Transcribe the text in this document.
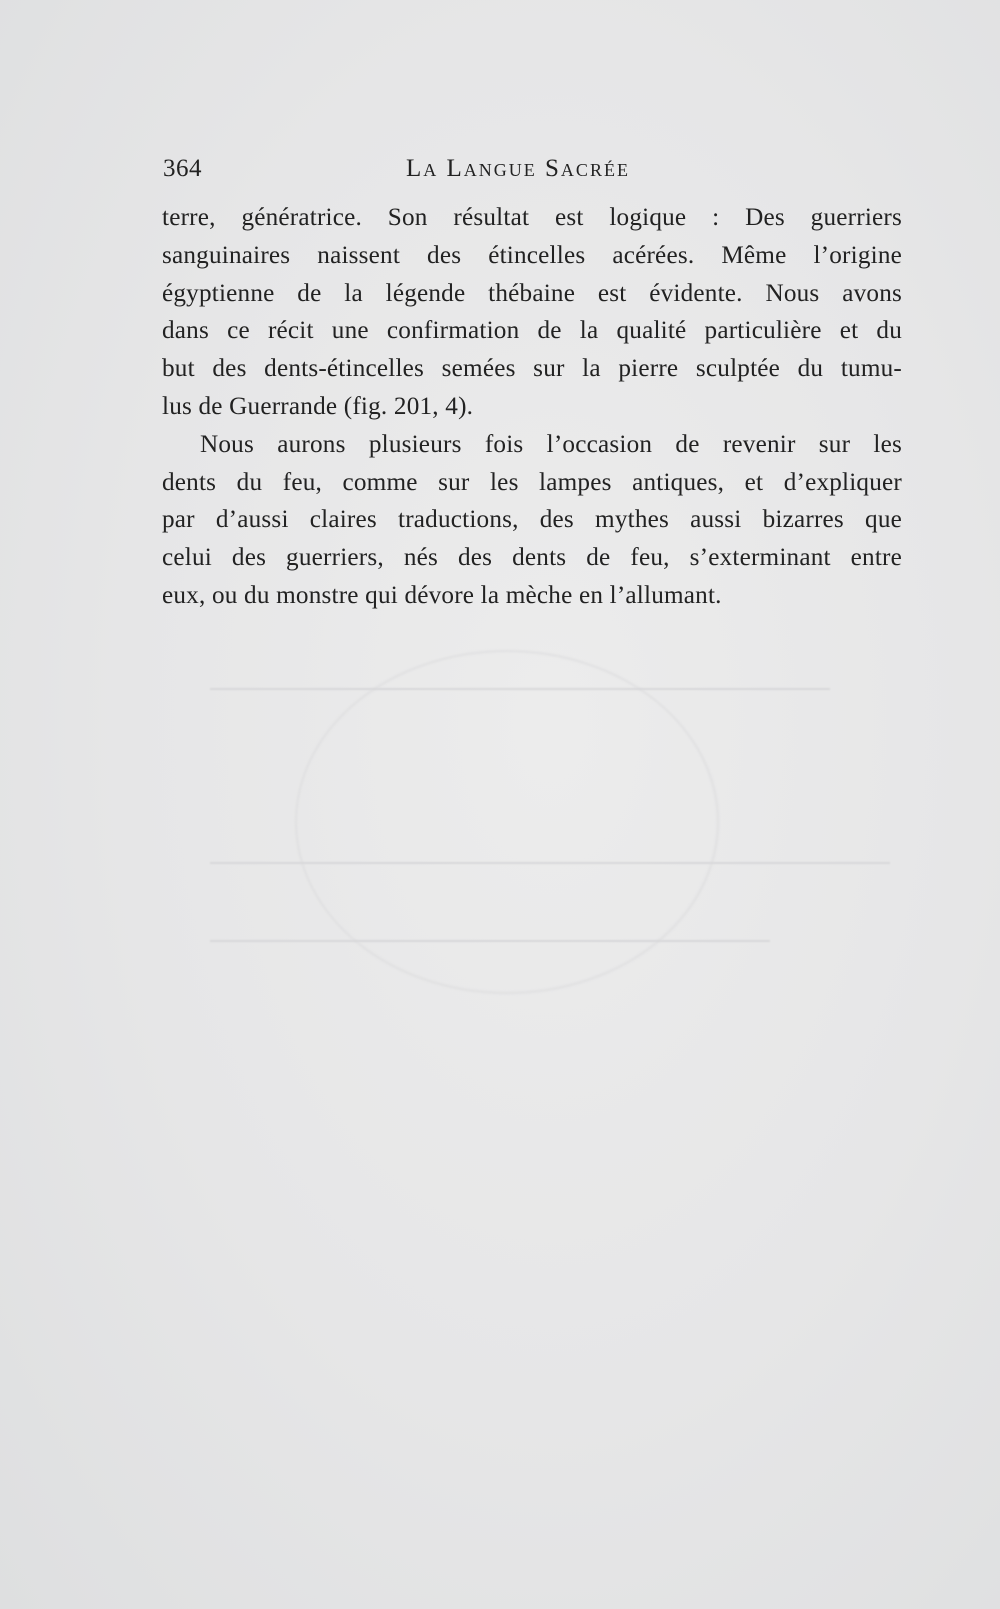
364	La Langue Sacrée

terre, génératrice. Son résultat est logique : Des guerriers
sanguinaires naissent des étincelles acérées. Même l’origine
égyptienne de la légende thébaine est évidente. Nous avons
dans ce récit une confirmation de la qualité particulière et du
but des dents-étincelles semées sur la pierre sculptée du tumu-
lus de Guerrande (fig. 201, 4).

Nous aurons plusieurs fois l’occasion de revenir sur les
dents du feu, comme sur les lampes antiques, et d’expliquer
par d’aussi claires traductions, des mythes aussi bizarres que
celui des guerriers, nés des dents de feu, s’exterminant entre
eux, ou du monstre qui dévore la mèche en l’allumant.
